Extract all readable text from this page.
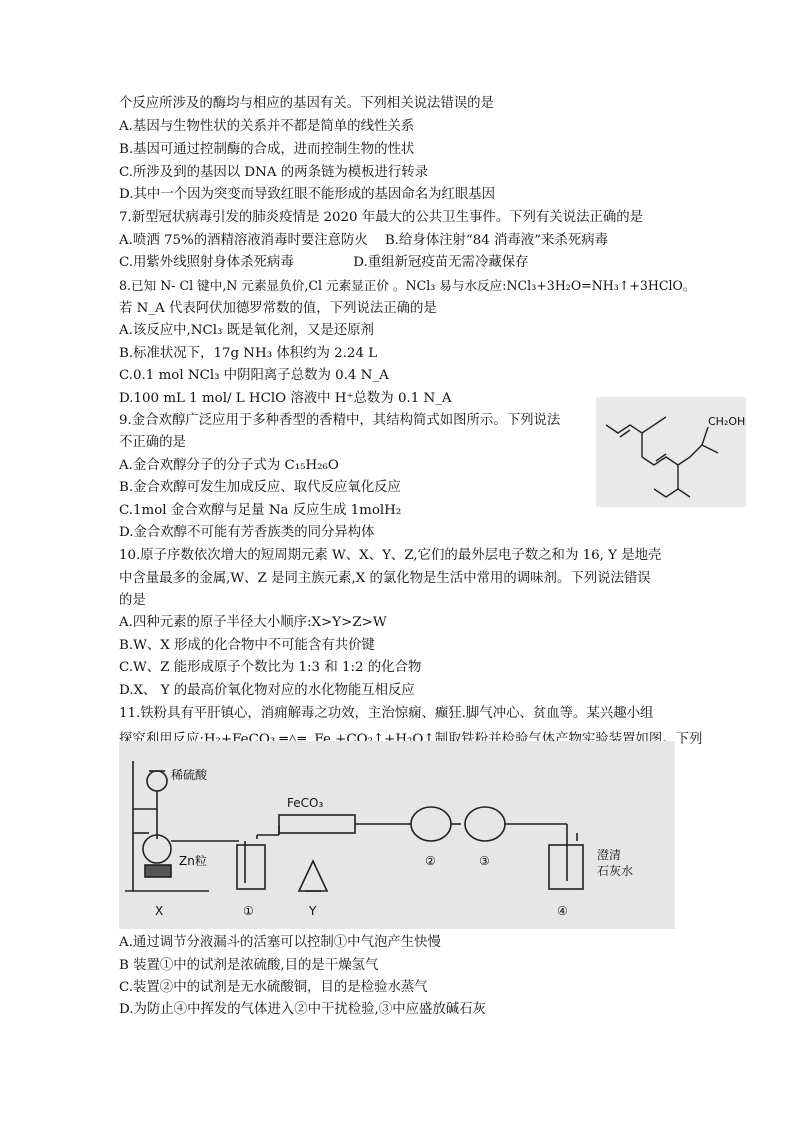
个反应所涉及的酶均与相应的基因有关。下列相关说法错误的是
A.基因与生物性状的关系并不都是简单的线性关系
B.基因可通过控制酶的合成，进而控制生物的性状
C.所涉及到的基因以 DNA 的两条链为模板进行转录
D.其中一个因为突变而导致红眼不能形成的基因命名为红眼基因
7.新型冠状病毒引发的肺炎疫情是 2020 年最大的公共卫生事件。下列有关说法正确的是
A.喷洒 75%的酒精溶液消毒时要注意防火    B.给身体注射“84 消毒液”来杀死病毒
C.用紫外线照射身体杀死病毒              D.重组新冠疫苗无需冷藏保存
8.已知 N- Cl 键中,N 元素显负价,Cl 元素显正价 。NCl₃ 易与水反应:NCl₃+3H₂O=NH₃↑+3HClO。
若 N_A 代表阿伏加德罗常数的值，下列说法正确的是
A.该反应中,NCl₃ 既是氧化剂，又是还原剂
B.标准状况下，17g NH₃ 体积约为 2.24 L
C.0.1 mol NCl₃ 中阴阳离子总数为 0.4 N_A
D.100 mL 1 mol/ L HClO 溶液中 H⁺总数为 0.1 N_A
9.金合欢醇广泛应用于多种香型的香精中，其结构简式如图所示。下列说法
不正确的是
A.金合欢醇分子的分子式为 C₁₅H₂₆O
B.金合欢醇可发生加成反应、取代反应氧化反应
C.1mol 金合欢醇与足量 Na 反应生成 1molH₂
D.金合欢醇不可能有芳香族类的同分异构体
10.原子序数依次增大的短周期元素 W、X、Y、Z,它们的最外层电子数之和为 16, Y 是地壳
中含量最多的金属,W、Z 是同主族元素,X 的氯化物是生活中常用的调味剂。下列说法错误
的是
A.四种元素的原子半径大小顺序:X>Y>Z>W
B.W、X 形成的化合物中不可能含有共价键
C.W、Z 能形成原子个数比为 1:3 和 1:2 的化合物
D.X、 Y 的最高价氧化物对应的水化物能互相反应
11.铁粉具有平肝镇心，消痈解毒之功效，主治惊痫、癫狂.脚气冲心、贫血等。某兴趣小组
探究利用反应:H₂+FeCO₃ ═△═  Fe +CO₂↑+H₂O↑制取铁粉并检验气体产物实验装置如图。下列
说法不正确的是
A.通过调节分液漏斗的活塞可以控制①中气泡产生快慢
B 装置①中的试剂是浓硫酸,目的是干燥氢气
C.装置②中的试剂是无水硫酸铜，目的是检验水蒸气
D.为防止④中挥发的气体进入②中干扰检验,③中应盛放碱石灰
CH₂OH
稀硫酸
FeCO₃
Zn粒	澄清
石灰水
X	Y
①
②	③
④
